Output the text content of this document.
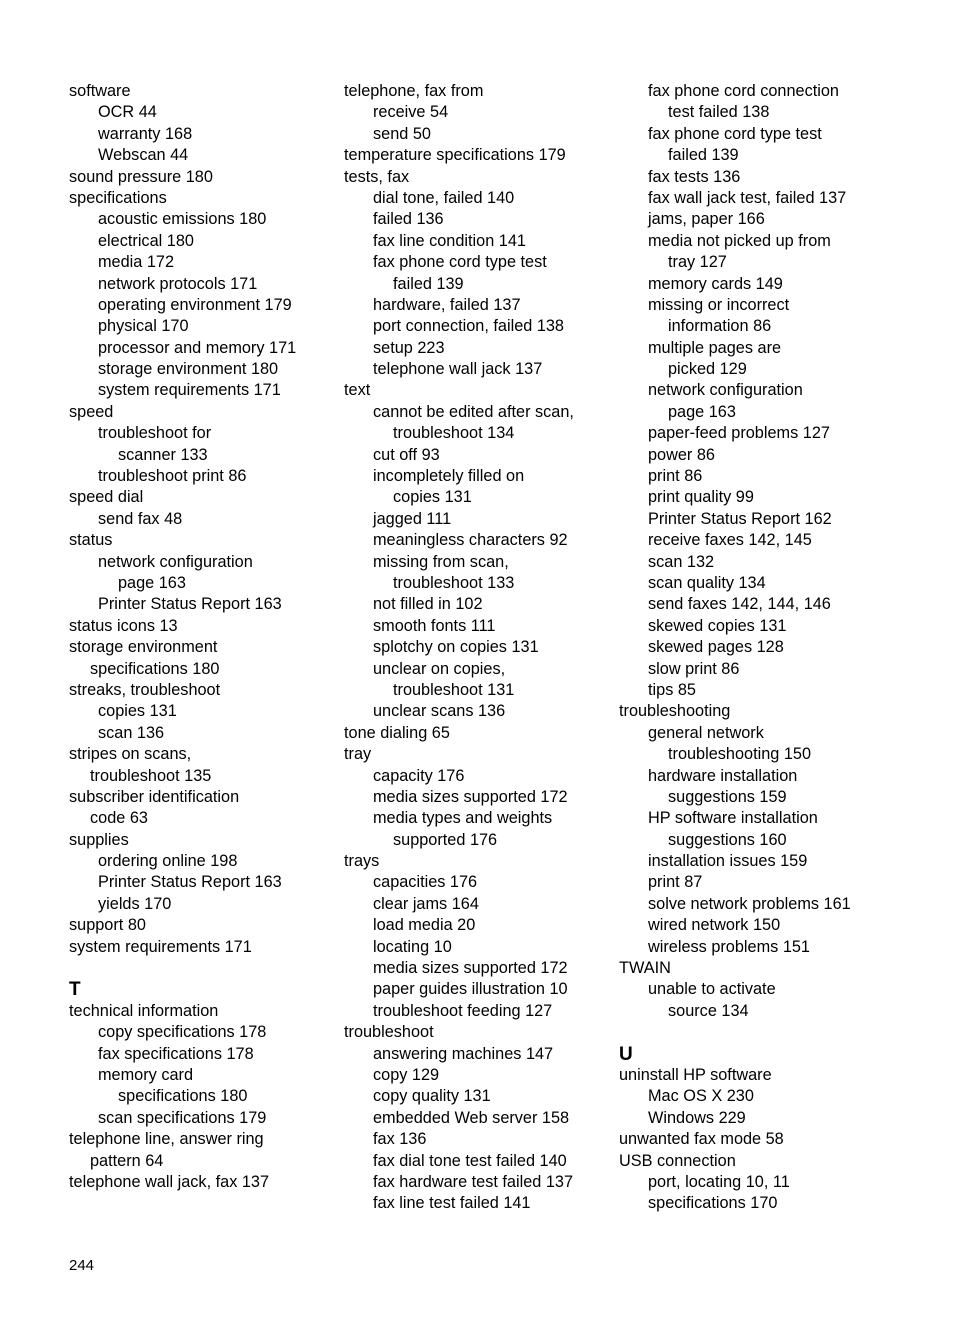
software
OCR 44
warranty 168
Webscan 44
sound pressure 180
specifications
acoustic emissions 180
electrical 180
media 172
network protocols 171
operating environment 179
physical 170
processor and memory 171
storage environment 180
system requirements 171
speed
troubleshoot for
scanner 133
troubleshoot print 86
speed dial
send fax 48
status
network configuration
page 163
Printer Status Report 163
status icons 13
storage environment
specifications 180
streaks, troubleshoot
copies 131
scan 136
stripes on scans,
troubleshoot 135
subscriber identification
code 63
supplies
ordering online 198
Printer Status Report 163
yields 170
support 80
system requirements 171
T
technical information
copy specifications 178
fax specifications 178
memory card
specifications 180
scan specifications 179
telephone line, answer ring
pattern 64
telephone wall jack, fax 137
telephone, fax from
receive 54
send 50
temperature specifications 179
tests, fax
dial tone, failed 140
failed 136
fax line condition 141
fax phone cord type test
failed 139
hardware, failed 137
port connection, failed 138
setup 223
telephone wall jack 137
text
cannot be edited after scan,
troubleshoot 134
cut off 93
incompletely filled on
copies 131
jagged 111
meaningless characters 92
missing from scan,
troubleshoot 133
not filled in 102
smooth fonts 111
splotchy on copies 131
unclear on copies,
troubleshoot 131
unclear scans 136
tone dialing 65
tray
capacity 176
media sizes supported 172
media types and weights
supported 176
trays
capacities 176
clear jams 164
load media 20
locating 10
media sizes supported 172
paper guides illustration 10
troubleshoot feeding 127
troubleshoot
answering machines 147
copy 129
copy quality 131
embedded Web server 158
fax 136
fax dial tone test failed 140
fax hardware test failed 137
fax line test failed 141
fax phone cord connection
test failed 138
fax phone cord type test
failed 139
fax tests 136
fax wall jack test, failed 137
jams, paper 166
media not picked up from
tray 127
memory cards 149
missing or incorrect
information 86
multiple pages are
picked 129
network configuration
page 163
paper-feed problems 127
power 86
print 86
print quality 99
Printer Status Report 162
receive faxes 142, 145
scan 132
scan quality 134
send faxes 142, 144, 146
skewed copies 131
skewed pages 128
slow print 86
tips 85
troubleshooting
general network
troubleshooting 150
hardware installation
suggestions 159
HP software installation
suggestions 160
installation issues 159
print 87
solve network problems 161
wired network 150
wireless problems 151
TWAIN
unable to activate
source 134
U
uninstall HP software
Mac OS X 230
Windows 229
unwanted fax mode 58
USB connection
port, locating 10, 11
specifications 170
244
